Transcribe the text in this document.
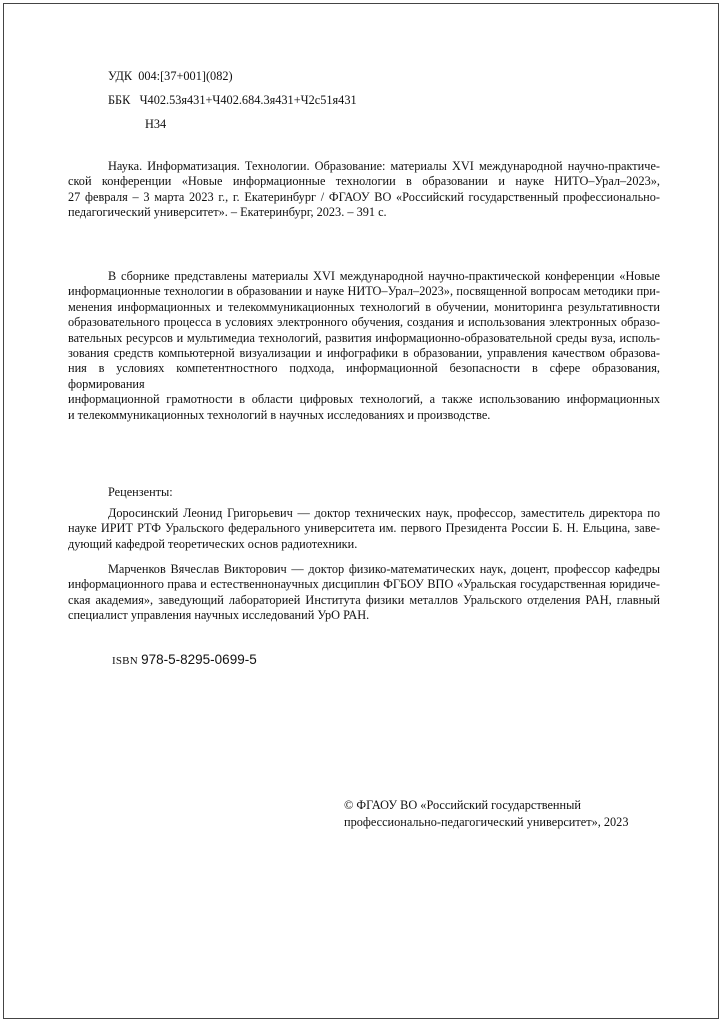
УДК 004:[37+001](082)
ББК Ч402.53я431+Ч402.684.3я431+Ч2с51я431
Н34
Наука. Информатизация. Технологии. Образование: материалы XVI международной научно-практиче-
ской конференции «Новые информационные технологии в образовании и науке НИТО–Урал–2023»,
27 февраля – 3 марта 2023 г., г. Екатеринбург / ФГАОУ ВО «Российский государственный профессионально-
педагогический университет». – Екатеринбург, 2023. – 391 с.
В сборнике представлены материалы XVI международной научно-практической конференции «Новые
информационные технологии в образовании и науке НИТО–Урал–2023», посвященной вопросам методики при-
менения информационных и телекоммуникационных технологий в обучении, мониторинга результативности
образовательного процесса в условиях электронного обучения, создания и использования электронных образо-
вательных ресурсов и мультимедиа технологий, развития информационно-образовательной среды вуза, исполь-
зования средств компьютерной визуализации и инфографики в образовании, управления качеством образова-
ния в условиях компетентностного подхода, информационной безопасности в сфере образования, формирования
информационной грамотности в области цифровых технологий, а также использованию информационных
и телекоммуникационных технологий в научных исследованиях и производстве.
Рецензенты:
Доросинский Леонид Григорьевич — доктор технических наук, профессор, заместитель директора по
науке ИРИТ РТФ Уральского федерального университета им. первого Президента России Б. Н. Ельцина, заве-
дующий кафедрой теоретических основ радиотехники.
Марченков Вячеслав Викторович — доктор физико-математических наук, доцент, профессор кафедры
информационного права и естественнонаучных дисциплин ФГБОУ ВПО «Уральская государственная юридиче-
ская академия», заведующий лабораторией Института физики металлов Уральского отделения РАН, главный
специалист управления научных исследований УрО РАН.
ISBN 978-5-8295-0699-5
© ФГАОУ ВО «Российский государственный
профессионально-педагогический университет», 2023
